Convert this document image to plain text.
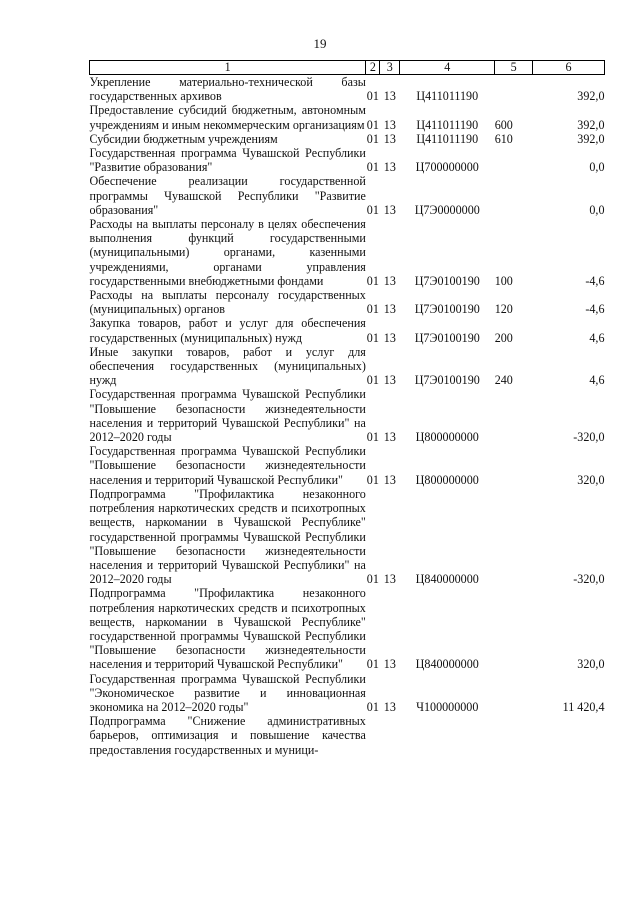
19
1	2	3	4	5	6
Укрепление материально-технической базы государственных архивов	01	13	Ц411011190		392,0
Предоставление субсидий бюджетным, автономным учреждениям и иным некоммерческим организациям	01	13	Ц411011190	600	392,0
Субсидии бюджетным учреждениям	01	13	Ц411011190	610	392,0
Государственная программа Чувашской Республики "Развитие образования"	01	13	Ц700000000		0,0
Обеспечение реализации государственной программы Чувашской Республики "Развитие образования"	01	13	Ц7Э0000000		0,0
Расходы на выплаты персоналу в целях обеспечения выполнения функций государственными (муниципальными) органами, казенными учреждениями, органами управления государственными внебюджетными фондами	01	13	Ц7Э0100190	100	-4,6
Расходы на выплаты персоналу государственных (муниципальных) органов	01	13	Ц7Э0100190	120	-4,6
Закупка товаров, работ и услуг для обеспечения государственных (муниципальных) нужд	01	13	Ц7Э0100190	200	4,6
Иные закупки товаров, работ и услуг для обеспечения государственных (муниципальных) нужд	01	13	Ц7Э0100190	240	4,6
Государственная программа Чувашской Республики "Повышение безопасности жизнедеятельности населения и территорий Чувашской Республики" на 2012–2020 годы	01	13	Ц800000000		-320,0
Государственная программа Чувашской Республики "Повышение безопасности жизнедеятельности населения и территорий Чувашской Республики"	01	13	Ц800000000		320,0
Подпрограмма "Профилактика незаконного потребления наркотических средств и психотропных веществ, наркомании в Чувашской Республике" государственной программы Чувашской Республики "Повышение безопасности жизнедеятельности населения и территорий Чувашской Республики" на 2012–2020 годы	01	13	Ц840000000		-320,0
Подпрограмма "Профилактика незаконного потребления наркотических средств и психотропных веществ, наркомании в Чувашской Республике" государственной программы Чувашской Республики "Повышение безопасности жизнедеятельности населения и территорий Чувашской Республики"	01	13	Ц840000000		320,0
Государственная программа Чувашской Республики "Экономическое развитие и инновационная экономика на 2012–2020 годы"	01	13	Ч100000000		11 420,4
Подпрограмма "Снижение административных барьеров, оптимизация и повышение качества предоставления государственных и муници-					
